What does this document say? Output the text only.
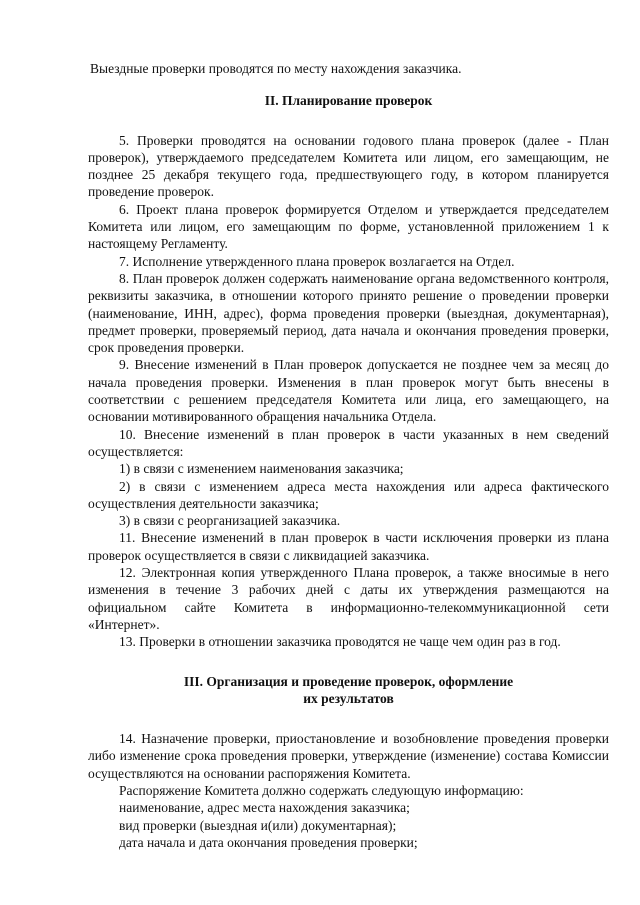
Выездные проверки проводятся по месту нахождения заказчика.

II. Планирование проверок

5. Проверки проводятся на основании годового плана проверок (далее - План проверок), утверждаемого председателем Комитета или лицом, его замещающим, не позднее 25 декабря текущего года, предшествующего году, в котором планируется проведение проверок.

6. Проект плана проверок формируется Отделом и утверждается председателем Комитета или лицом, его замещающим по форме, установленной приложением 1 к настоящему Регламенту.

7. Исполнение утвержденного плана проверок возлагается на Отдел.

8. План проверок должен содержать наименование органа ведомственного контроля, реквизиты заказчика, в отношении которого принято решение о проведении проверки (наименование, ИНН, адрес), форма проведения проверки (выездная, документарная), предмет проверки, проверяемый период, дата начала и окончания проведения проверки, срок проведения проверки.

9. Внесение изменений в План проверок допускается не позднее чем за месяц до начала проведения проверки. Изменения в план проверок могут быть внесены в соответствии с решением председателя Комитета или лица, его замещающего, на основании мотивированного обращения начальника Отдела.

10. Внесение изменений в план проверок в части указанных в нем сведений осуществляется:

1) в связи с изменением наименования заказчика;

2) в связи с изменением адреса места нахождения или адреса фактического осуществления деятельности заказчика;

3) в связи с реорганизацией заказчика.

11. Внесение изменений в план проверок в части исключения проверки из плана проверок осуществляется в связи с ликвидацией заказчика.

12. Электронная копия утвержденного Плана проверок, а также вносимые в него изменения в течение 3 рабочих дней с даты их утверждения размещаются на официальном сайте Комитета в информационно-телекоммуникационной сети «Интернет».

13. Проверки в отношении заказчика проводятся не чаще чем один раз в год.

III. Организация и проведение проверок, оформление
их результатов

14. Назначение проверки, приостановление и возобновление проведения проверки либо изменение срока проведения проверки, утверждение (изменение) состава Комиссии осуществляются на основании распоряжения Комитета.

Распоряжение Комитета должно содержать следующую информацию:

наименование, адрес места нахождения заказчика;

вид проверки (выездная и(или) документарная);

дата начала и дата окончания проведения проверки;
